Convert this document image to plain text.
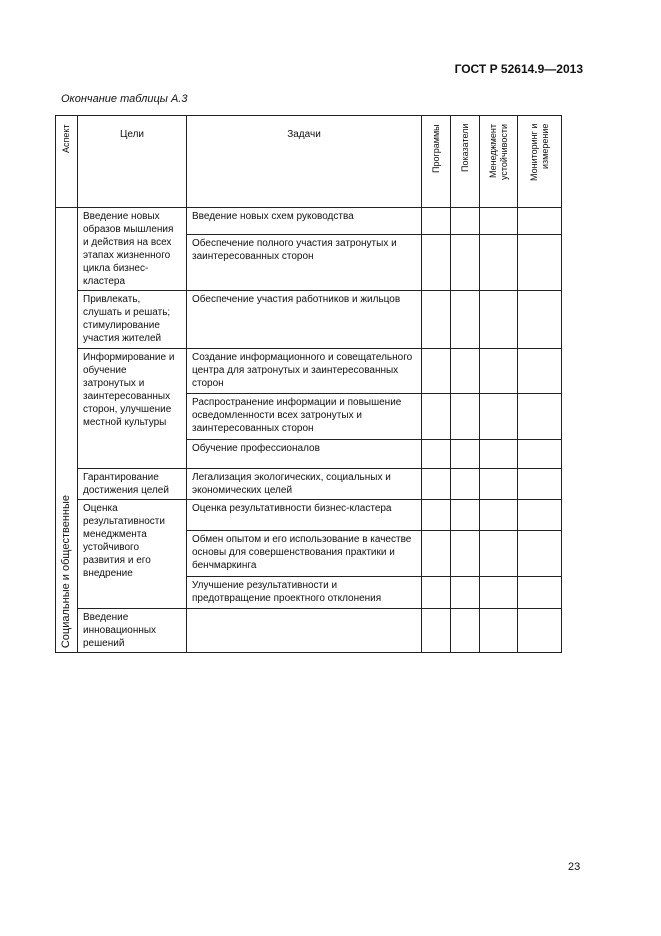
ГОСТ Р 52614.9—2013
Окончание таблицы А.3
Аспект	Цели	Задачи	Программы	Показатели	Менеджмент устойчивости	Мониторинг и измерение

Социальные и общественные	Введение новых образов мышления и действия на всех этапах жизненного цикла бизнес-кластера	Введение новых схем руководства				
		Обеспечение полного участия затронутых и заинтересованных сторон				
	Привлекать, слушать и решать; стимулирование участия жителей	Обеспечение участия работников и жильцов				
	Информирование и обучение затронутых и заинтересованных сторон, улучшение местной культуры	Создание информационного и совещательного центра для затронутых и заинтересованных сторон				
		Распространение информации и повышение осведомленности всех затронутых и заинтересованных сторон				
		Обучение профессионалов				
	Гарантирование достижения целей	Легализация экологических, социальных и экономических целей				
	Оценка результативности менеджмента устойчивого развития и его внедрение	Оценка результативности бизнес-кластера				
		Обмен опытом и его использование в качестве основы для совершенствования практики и бенчмаркинга				
		Улучшение результативности и предотвращение проектного отклонения				
	Введение инновационных решений					
23
